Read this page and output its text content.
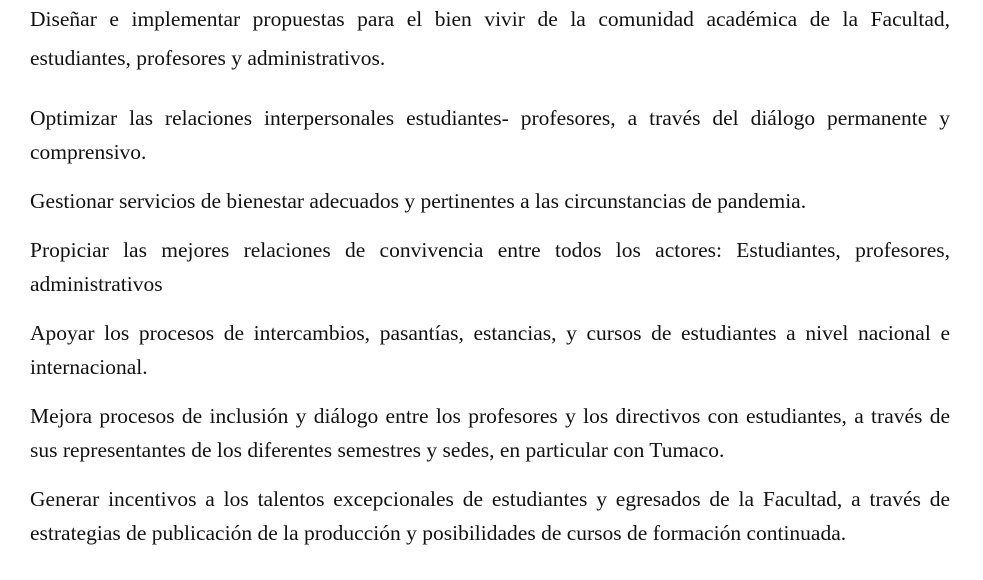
Diseñar e implementar propuestas para el bien vivir de la comunidad académica de la Facultad, estudiantes, profesores y administrativos.

Optimizar las relaciones interpersonales estudiantes- profesores, a través del diálogo permanente y comprensivo.

Gestionar servicios de bienestar adecuados y pertinentes a las circunstancias de pandemia.

Propiciar las mejores relaciones de convivencia entre todos los actores: Estudiantes, profesores, administrativos

Apoyar los procesos de intercambios, pasantías, estancias, y cursos de estudiantes a nivel nacional e internacional.

Mejora procesos de inclusión y diálogo entre los profesores y los directivos con estudiantes, a través de sus representantes de los diferentes semestres y sedes, en particular con Tumaco.

Generar incentivos a los talentos excepcionales de estudiantes y egresados de la Facultad, a través de estrategias de publicación de la producción y posibilidades de cursos de formación continuada.
